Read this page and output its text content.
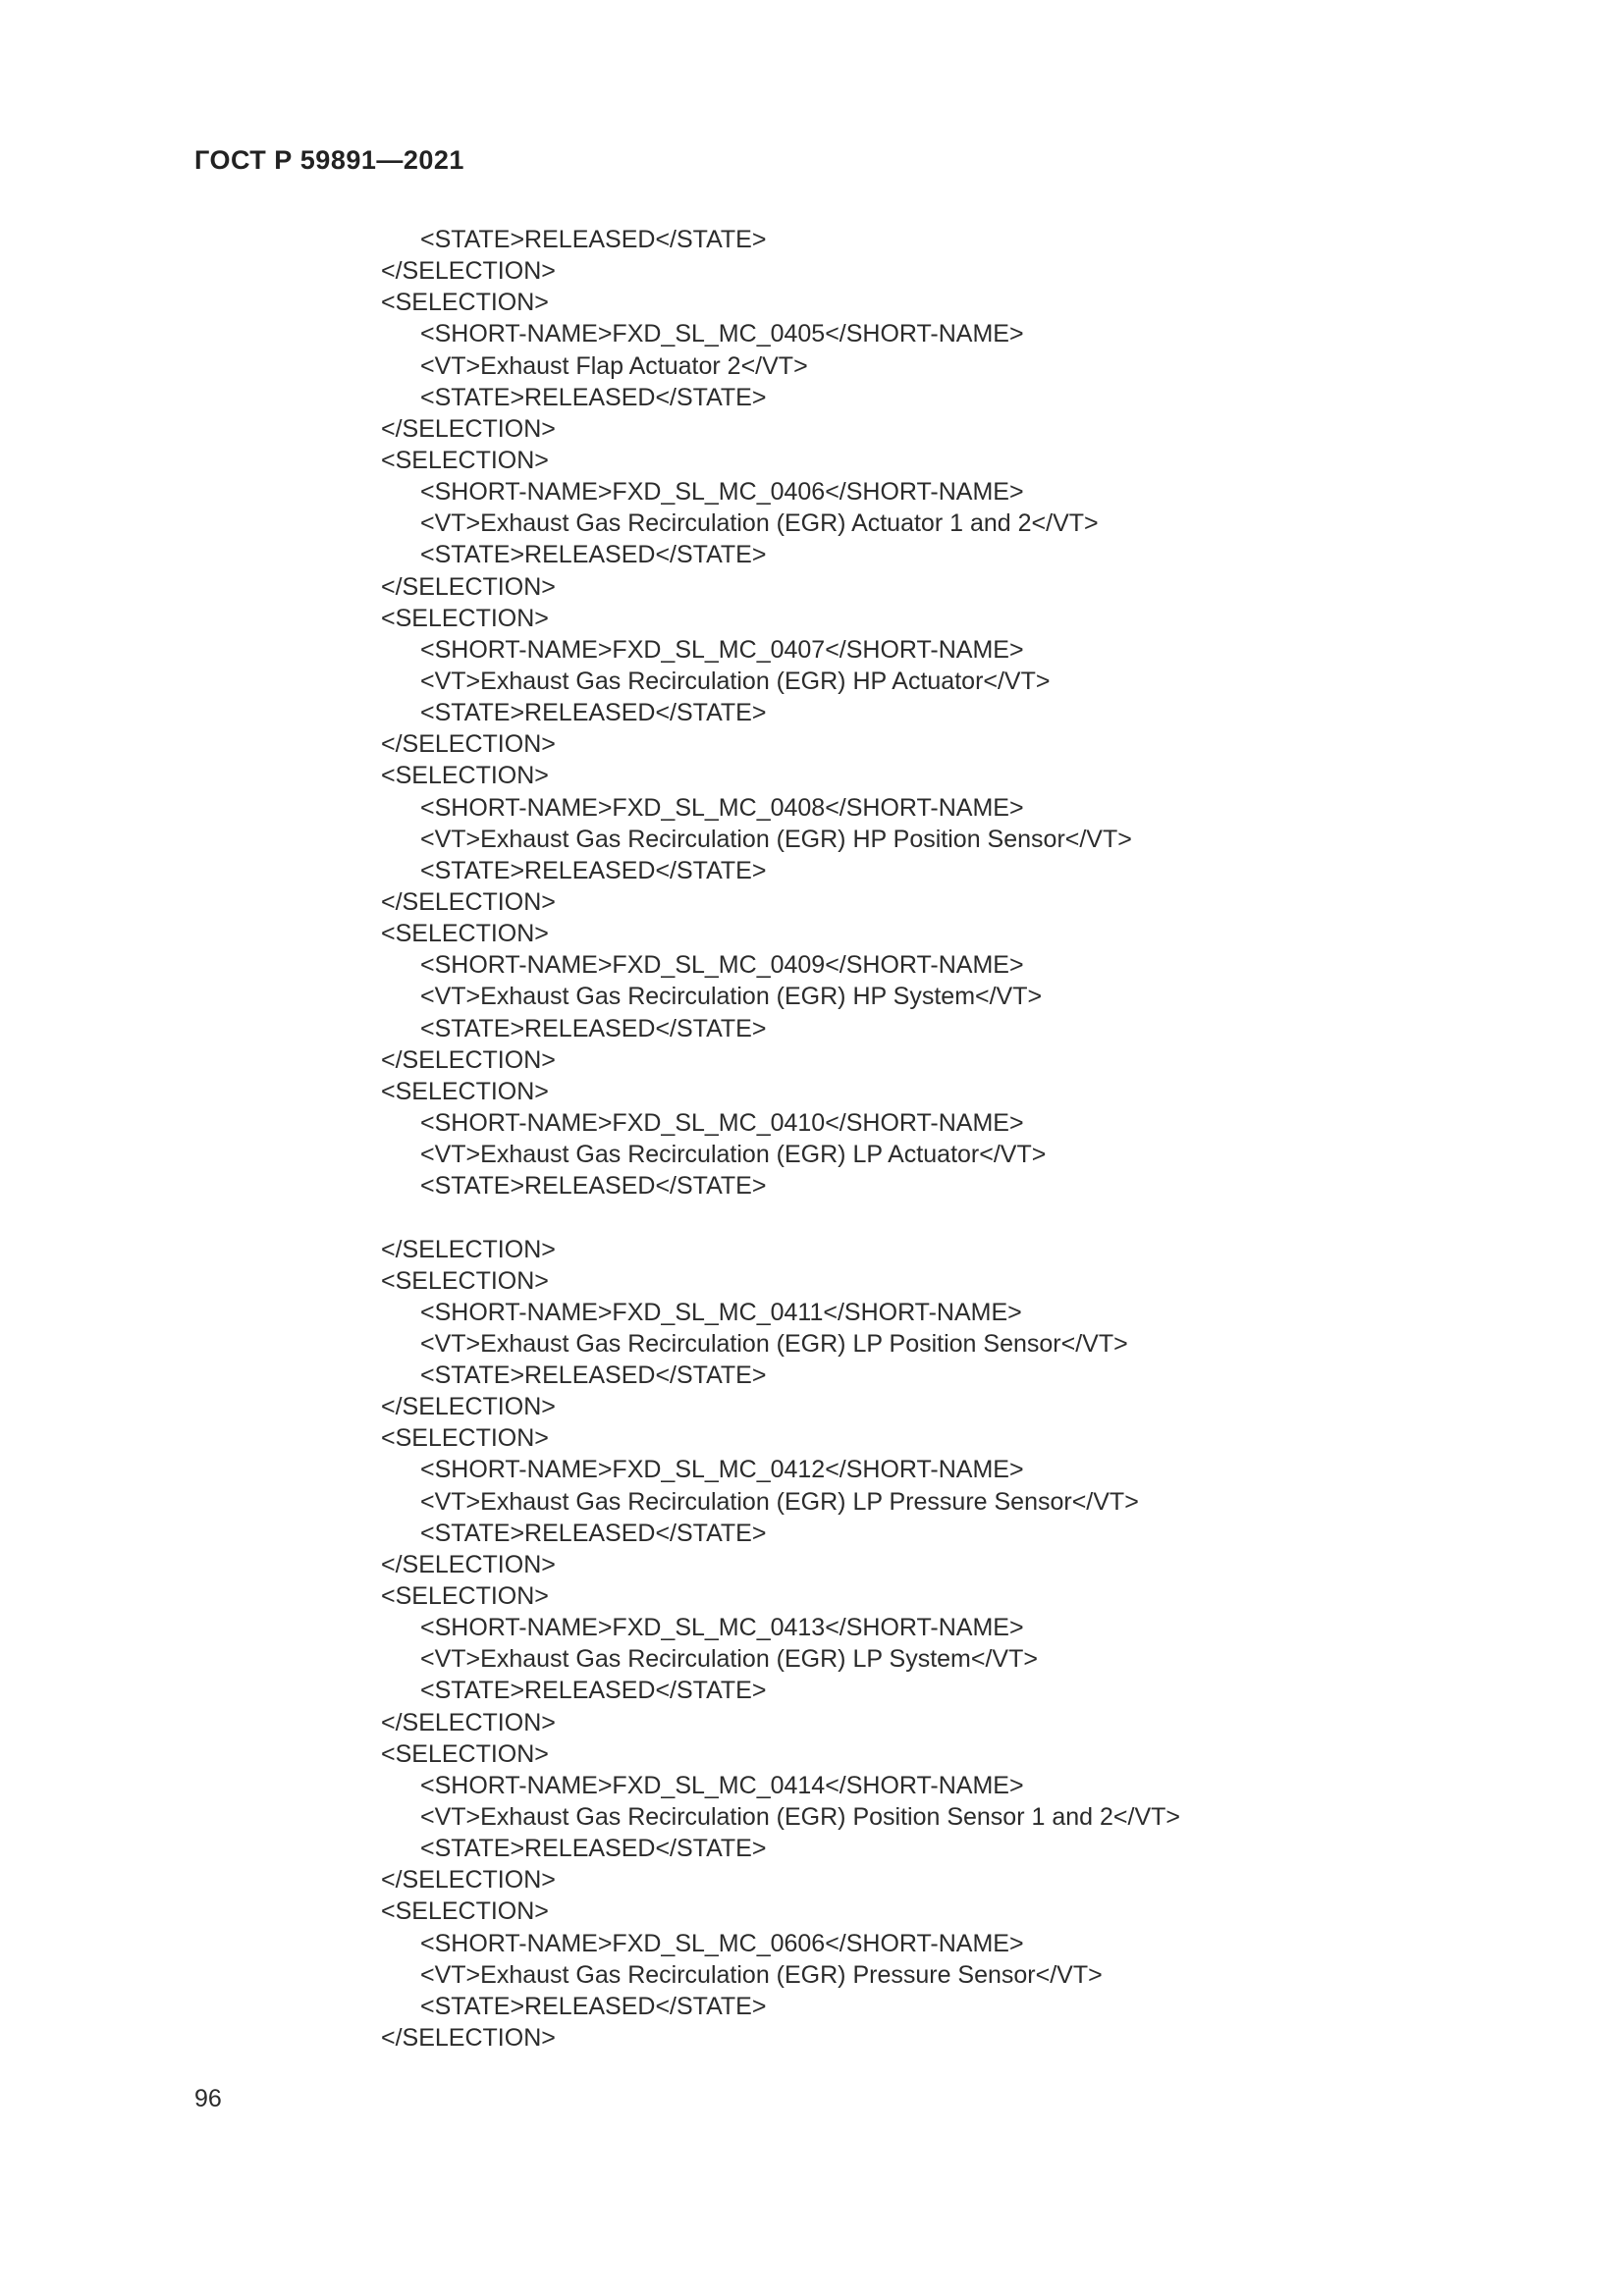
ГОСТ Р 59891—2021
<STATE>RELEASED</STATE>
</SELECTION>
<SELECTION>
<SHORT-NAME>FXD_SL_MC_0405</SHORT-NAME>
<VT>Exhaust Flap Actuator 2</VT>
<STATE>RELEASED</STATE>
</SELECTION>
<SELECTION>
<SHORT-NAME>FXD_SL_MC_0406</SHORT-NAME>
<VT>Exhaust Gas Recirculation (EGR) Actuator 1 and 2</VT>
<STATE>RELEASED</STATE>
</SELECTION>
<SELECTION>
<SHORT-NAME>FXD_SL_MC_0407</SHORT-NAME>
<VT>Exhaust Gas Recirculation (EGR) HP Actuator</VT>
<STATE>RELEASED</STATE>
</SELECTION>
<SELECTION>
<SHORT-NAME>FXD_SL_MC_0408</SHORT-NAME>
<VT>Exhaust Gas Recirculation (EGR) HP Position Sensor</VT>
<STATE>RELEASED</STATE>
</SELECTION>
<SELECTION>
<SHORT-NAME>FXD_SL_MC_0409</SHORT-NAME>
<VT>Exhaust Gas Recirculation (EGR) HP System</VT>
<STATE>RELEASED</STATE>
</SELECTION>
<SELECTION>
<SHORT-NAME>FXD_SL_MC_0410</SHORT-NAME>
<VT>Exhaust Gas Recirculation (EGR) LP Actuator</VT>
<STATE>RELEASED</STATE>
</SELECTION>
<SELECTION>
<SHORT-NAME>FXD_SL_MC_0411</SHORT-NAME>
<VT>Exhaust Gas Recirculation (EGR) LP Position Sensor</VT>
<STATE>RELEASED</STATE>
</SELECTION>
<SELECTION>
<SHORT-NAME>FXD_SL_MC_0412</SHORT-NAME>
<VT>Exhaust Gas Recirculation (EGR) LP Pressure Sensor</VT>
<STATE>RELEASED</STATE>
</SELECTION>
<SELECTION>
<SHORT-NAME>FXD_SL_MC_0413</SHORT-NAME>
<VT>Exhaust Gas Recirculation (EGR) LP System</VT>
<STATE>RELEASED</STATE>
</SELECTION>
<SELECTION>
<SHORT-NAME>FXD_SL_MC_0414</SHORT-NAME>
<VT>Exhaust Gas Recirculation (EGR) Position Sensor 1 and 2</VT>
<STATE>RELEASED</STATE>
</SELECTION>
<SELECTION>
<SHORT-NAME>FXD_SL_MC_0606</SHORT-NAME>
<VT>Exhaust Gas Recirculation (EGR) Pressure Sensor</VT>
<STATE>RELEASED</STATE>
</SELECTION>
96
